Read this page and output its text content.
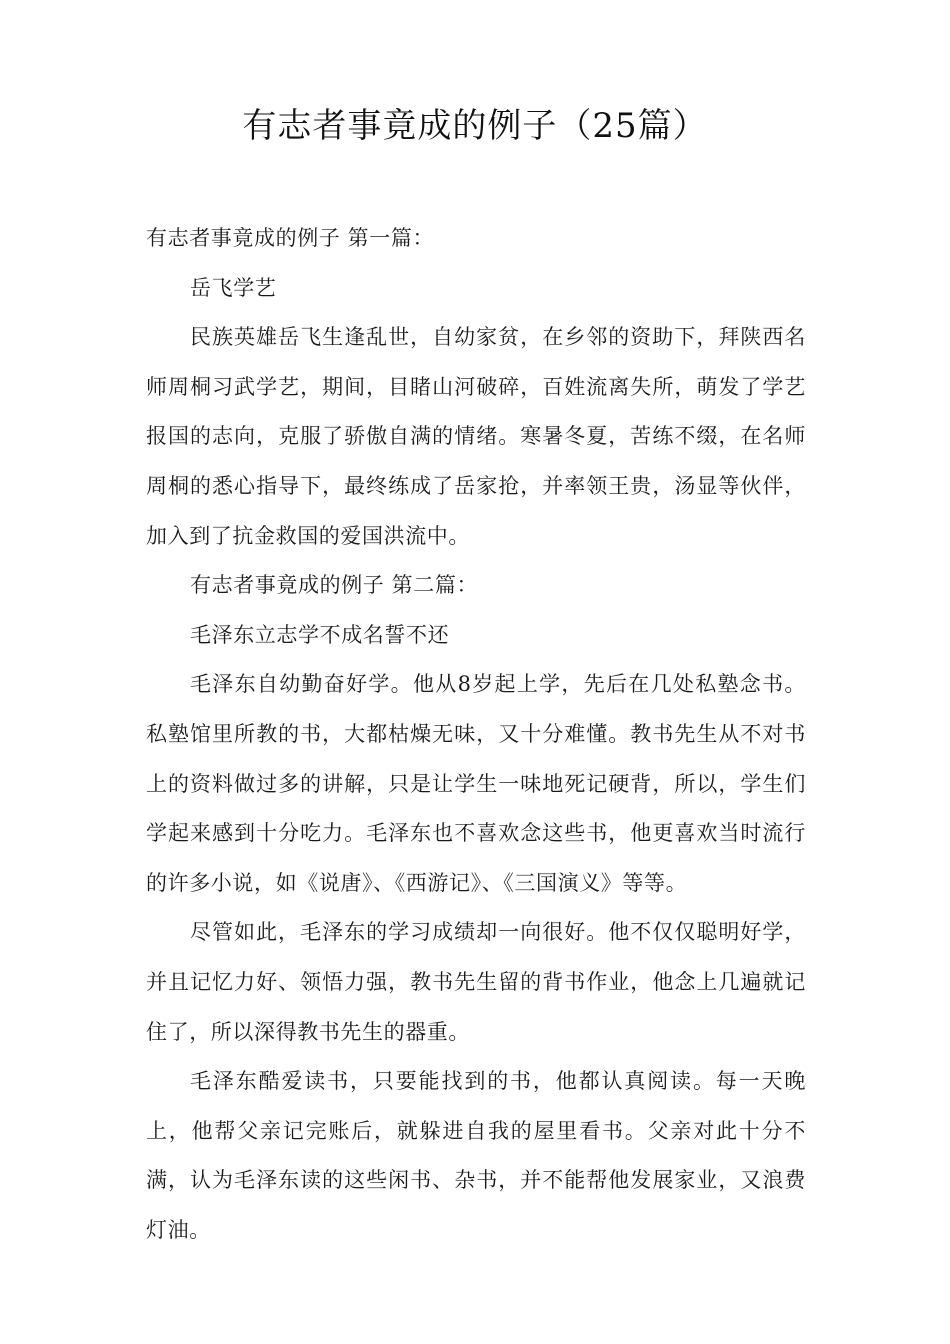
有志者事竟成的例子（25篇）

有志者事竟成的例子 第一篇：

岳飞学艺

民族英雄岳飞生逢乱世，自幼家贫，在乡邻的资助下，拜陕西名师周桐习武学艺，期间，目睹山河破碎，百姓流离失所，萌发了学艺报国的志向，克服了骄傲自满的情绪。寒暑冬夏，苦练不缀，在名师周桐的悉心指导下，最终练成了岳家抢，并率领王贵，汤显等伙伴，加入到了抗金救国的爱国洪流中。

有志者事竟成的例子 第二篇：

毛泽东立志学不成名誓不还

毛泽东自幼勤奋好学。他从8岁起上学，先后在几处私塾念书。私塾馆里所教的书，大都枯燥无味，又十分难懂。教书先生从不对书上的资料做过多的讲解，只是让学生一味地死记硬背，所以，学生们学起来感到十分吃力。毛泽东也不喜欢念这些书，他更喜欢当时流行的许多小说，如《说唐》、《西游记》、《三国演义》等等。

尽管如此，毛泽东的学习成绩却一向很好。他不仅仅聪明好学，并且记忆力好、领悟力强，教书先生留的背书作业，他念上几遍就记住了，所以深得教书先生的器重。

毛泽东酷爱读书，只要能找到的书，他都认真阅读。每一天晚上，他帮父亲记完账后，就躲进自我的屋里看书。父亲对此十分不满，认为毛泽东读的这些闲书、杂书，并不能帮他发展家业，又浪费灯油。
